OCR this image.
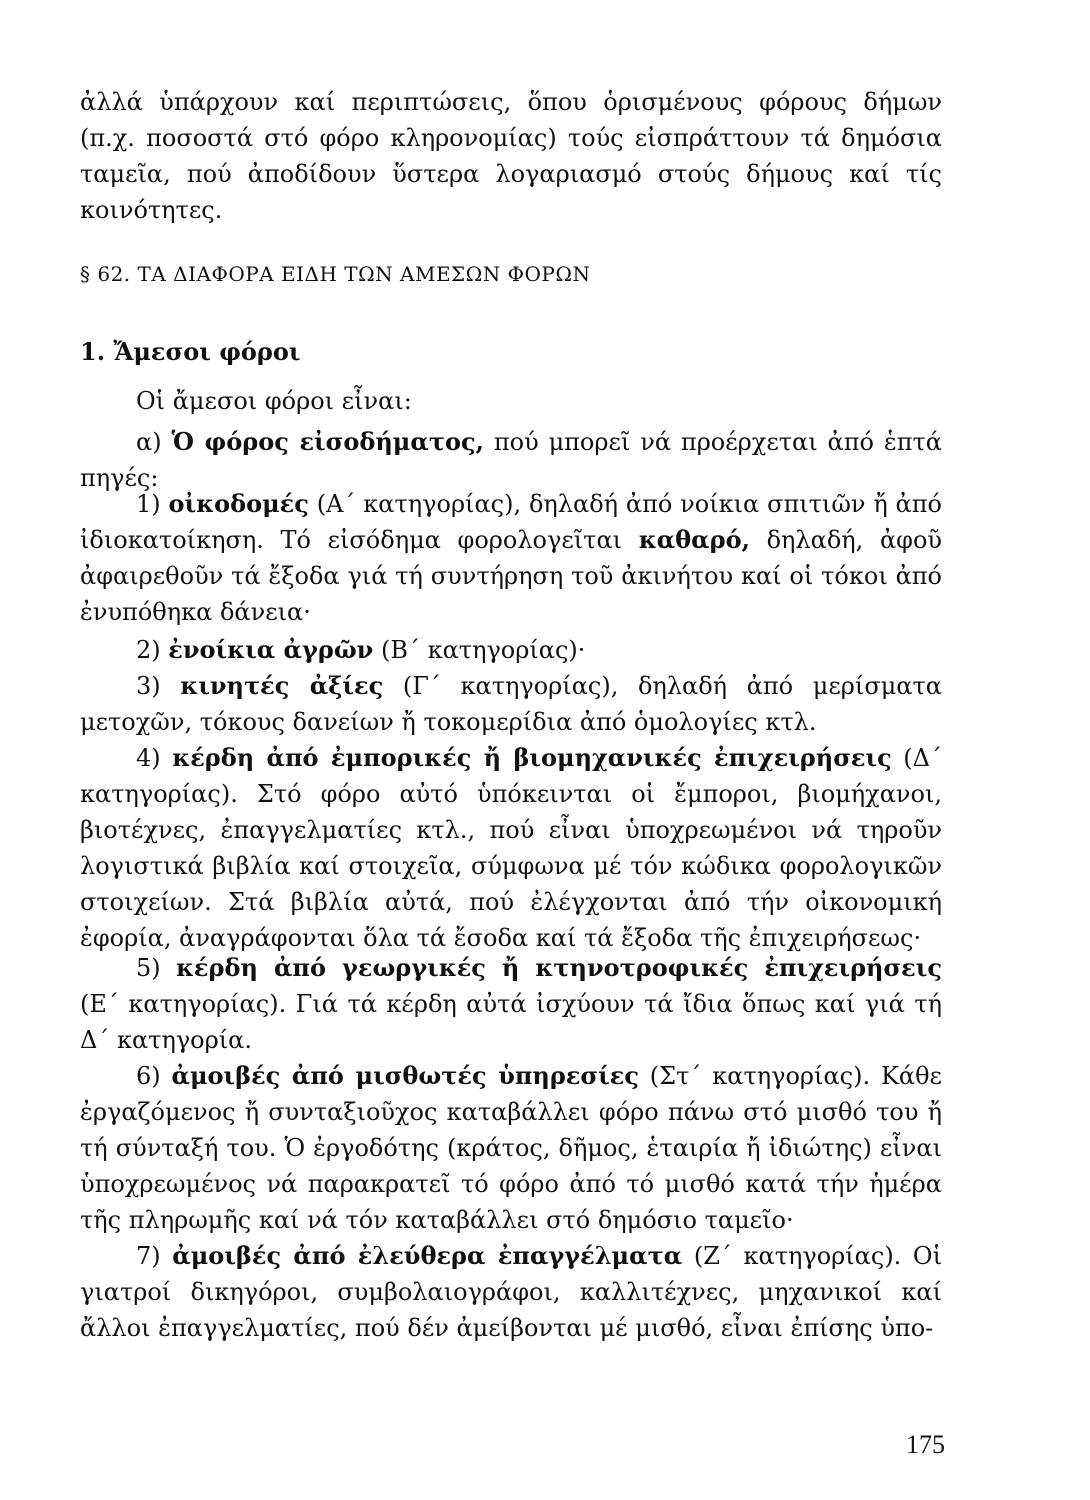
ἀλλά ὑπάρχουν καί περιπτώσεις, ὅπου ὁρισμένους φόρους δήμων (π.χ. ποσοστά στό φόρο κληρονομίας) τούς εἰσπράττουν τά δημόσια ταμεῖα, πού ἀποδίδουν ὕστερα λογαριασμό στούς δήμους καί τίς κοινότητες.

§ 62. ΤΑ ΔΙΑΦΟΡΑ ΕΙΔΗ ΤΩΝ ΑΜΕΣΩΝ ΦΟΡΩΝ

1. Ἄμεσοι φόροι

Οἱ ἄμεσοι φόροι εἶναι:

α) Ὁ φόρος εἰσοδήματος, πού μπορεῖ νά προέρχεται ἀπό ἑπτά πηγές:

1) οἰκοδομές (Α΄ κατηγορίας), δηλαδή ἀπό νοίκια σπιτιῶν ἤ ἀπό ἰδιοκατοίκηση. Τό εἰσόδημα φορολογεῖται καθαρό, δηλαδή, ἀφοῦ ἀφαιρεθοῦν τά ἔξοδα γιά τή συντήρηση τοῦ ἀκινήτου καί οἱ τόκοι ἀπό ἐνυπόθηκα δάνεια·

2) ἐνοίκια ἀγρῶν (Β΄ κατηγορίας)·

3) κινητές ἀξίες (Γ΄ κατηγορίας), δηλαδή ἀπό μερίσματα μετοχῶν, τόκους δανείων ἤ τοκομερίδια ἀπό ὁμολογίες κτλ.

4) κέρδη ἀπό ἐμπορικές ἤ βιομηχανικές ἐπιχειρήσεις (Δ΄ κατηγορίας). Στό φόρο αὐτό ὑπόκεινται οἱ ἔμποροι, βιομήχανοι, βιοτέχνες, ἐπαγγελματίες κτλ., πού εἶναι ὑποχρεωμένοι νά τηροῦν λογιστικά βιβλία καί στοιχεῖα, σύμφωνα μέ τόν κώδικα φορολογικῶν στοιχείων. Στά βιβλία αὐτά, πού ἐλέγχονται ἀπό τήν οἰκονομική ἐφορία, ἀναγράφονται ὅλα τά ἔσοδα καί τά ἔξοδα τῆς ἐπιχειρήσεως·

5) κέρδη ἀπό γεωργικές ἤ κτηνοτροφικές ἐπιχειρήσεις (Ε΄ κατηγορίας). Γιά τά κέρδη αὐτά ἰσχύουν τά ἴδια ὅπως καί γιά τή Δ΄ κατηγορία.

6) ἀμοιβές ἀπό μισθωτές ὑπηρεσίες (Στ΄ κατηγορίας). Κάθε ἐργαζόμενος ἤ συνταξιοῦχος καταβάλλει φόρο πάνω στό μισθό του ἤ τή σύνταξή του. Ὁ ἐργοδότης (κράτος, δῆμος, ἑταιρία ἤ ἰδιώτης) εἶναι ὑποχρεωμένος νά παρακρατεῖ τό φόρο ἀπό τό μισθό κατά τήν ἡμέρα τῆς πληρωμῆς καί νά τόν καταβάλλει στό δημόσιο ταμεῖο·

7) ἀμοιβές ἀπό ἐλεύθερα ἐπαγγέλματα (Ζ΄ κατηγορίας). Οἱ γιατροί δικηγόροι, συμβολαιογράφοι, καλλιτέχνες, μηχανικοί καί ἄλλοι ἐπαγγελματίες, πού δέν ἀμείβονται μέ μισθό, εἶναι ἐπίσης ὑπο-

175
